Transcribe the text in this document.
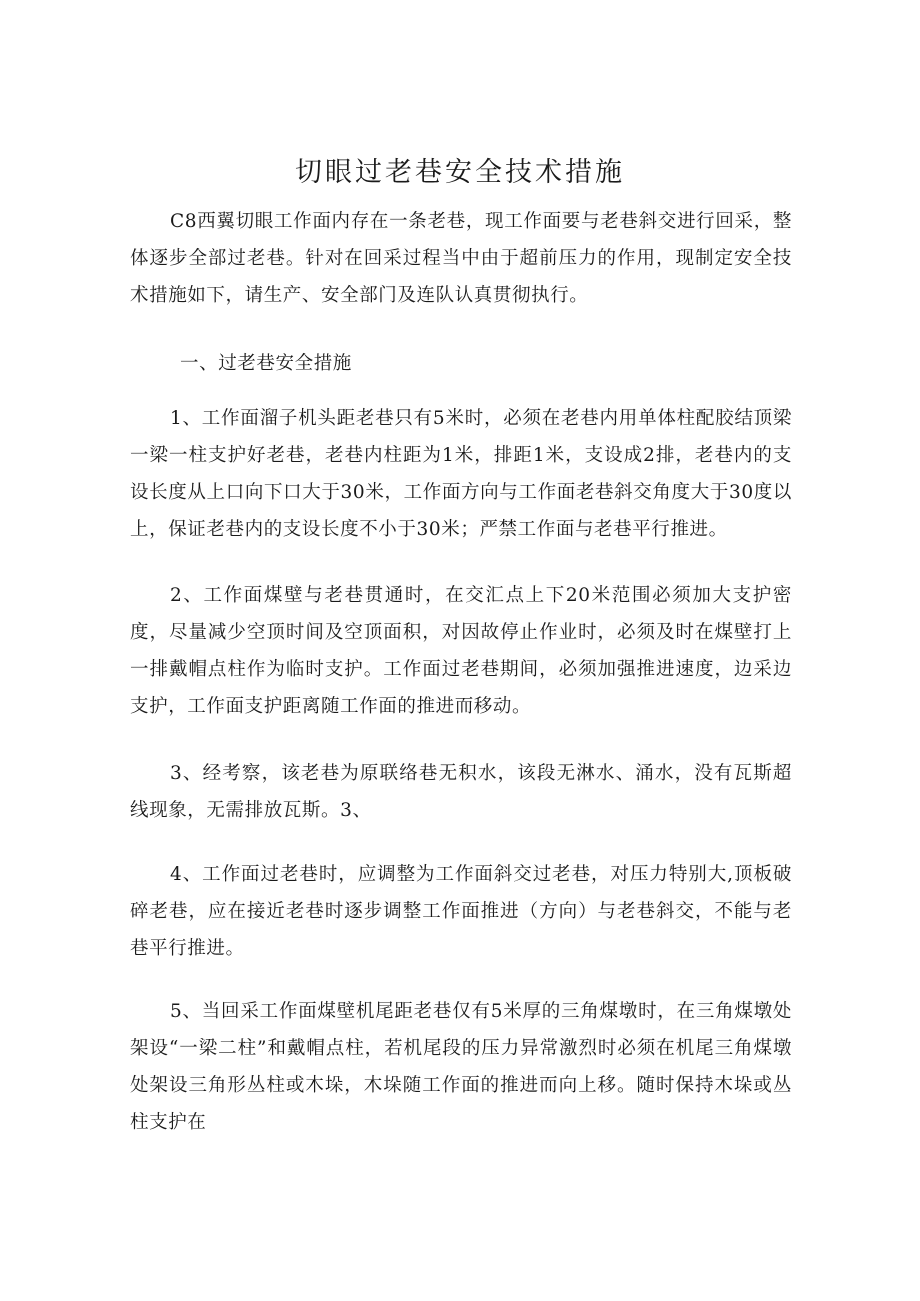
切眼过老巷安全技术措施

C8西翼切眼工作面内存在一条老巷，现工作面要与老巷斜交进行回采，整体逐步全部过老巷。针对在回采过程当中由于超前压力的作用，现制定安全技术措施如下，请生产、安全部门及连队认真贯彻执行。

一、过老巷安全措施

1、工作面溜子机头距老巷只有5米时，必须在老巷内用单体柱配胶结顶梁一梁一柱支护好老巷，老巷内柱距为1米，排距1米，支设成2排，老巷内的支设长度从上口向下口大于30米，工作面方向与工作面老巷斜交角度大于30度以上，保证老巷内的支设长度不小于30米；严禁工作面与老巷平行推进。

2、工作面煤壁与老巷贯通时，在交汇点上下20米范围必须加大支护密度，尽量减少空顶时间及空顶面积，对因故停止作业时，必须及时在煤壁打上一排戴帽点柱作为临时支护。工作面过老巷期间，必须加强推进速度，边采边支护，工作面支护距离随工作面的推进而移动。

3、经考察，该老巷为原联络巷无积水，该段无淋水、涌水，没有瓦斯超线现象，无需排放瓦斯。3、

4、工作面过老巷时，应调整为工作面斜交过老巷，对压力特别大,顶板破碎老巷，应在接近老巷时逐步调整工作面推进（方向）与老巷斜交，不能与老巷平行推进。

5、当回采工作面煤壁机尾距老巷仅有5米厚的三角煤墩时，在三角煤墩处架设“一梁二柱”和戴帽点柱，若机尾段的压力异常激烈时必须在机尾三角煤墩处架设三角形丛柱或木垛，木垛随工作面的推进而向上移。随时保持木垛或丛柱支护在
